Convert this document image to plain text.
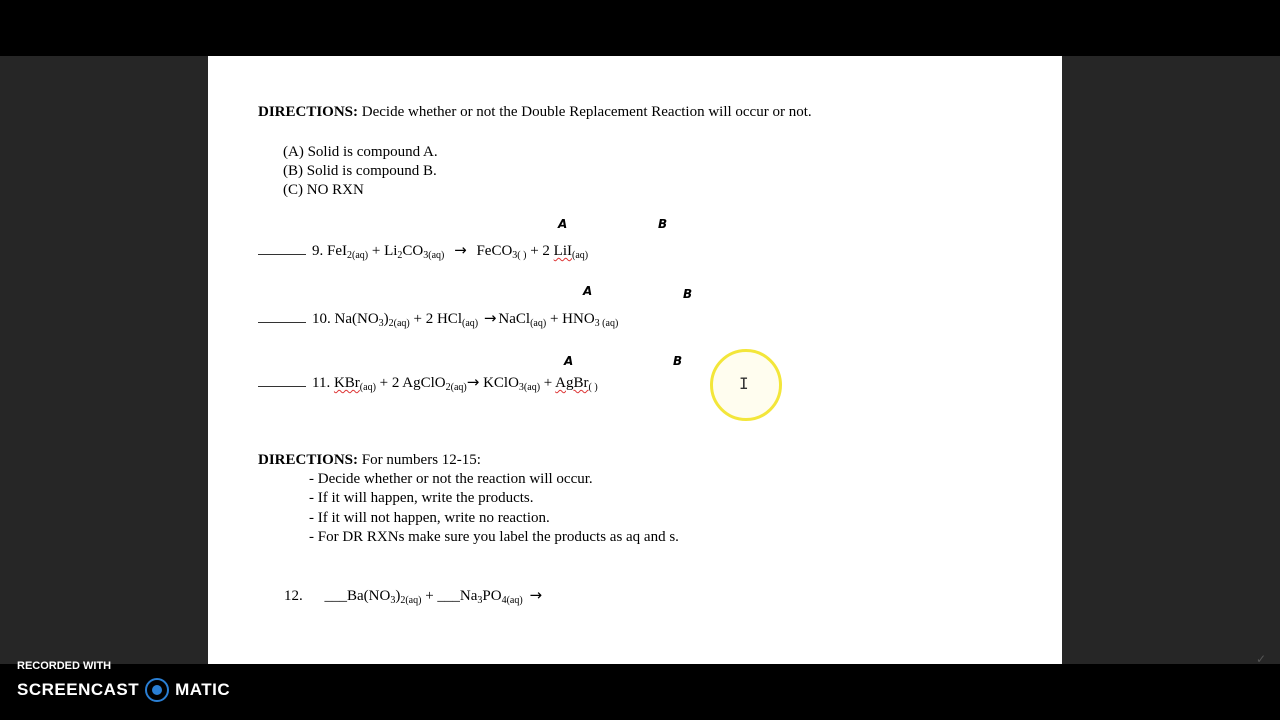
DIRECTIONS: Decide whether or not the Double Replacement Reaction will occur or not.
(A) Solid is compound A.
(B) Solid is compound B.
(C) NO RXN
A	B
9. $FeI_{2(aq)} + Li_2CO_{3(aq)}$ → FeCO$_{3( )}$ + 2 LiI$_{(aq)}$
A	B
10. $Na(NO_3)_{2(aq)} + 2$ HCl$_{(aq)}$ → NaCl$_{(aq)}$ + $HNO_{3 (aq)}$
A	B
11. KBr$_{(aq)}$ + 2 AgClO$_{2(aq)}$→ KClO$_{3(aq)}$ + AgBr$_{( )}$
DIRECTIONS: For numbers 12-15:
- Decide whether or not the reaction will occur.
- If it will happen, write the products.
- If it will not happen, write no reaction.
- For DR RXNs make sure you label the products as aq and s.
12. $\_\_\_Ba(NO_3)_{2(aq)}$ + $\_\_\_Na_3PO_{4(aq)}$ →
I
RECORDED WITH
SCREENCAST MATIC
✓
